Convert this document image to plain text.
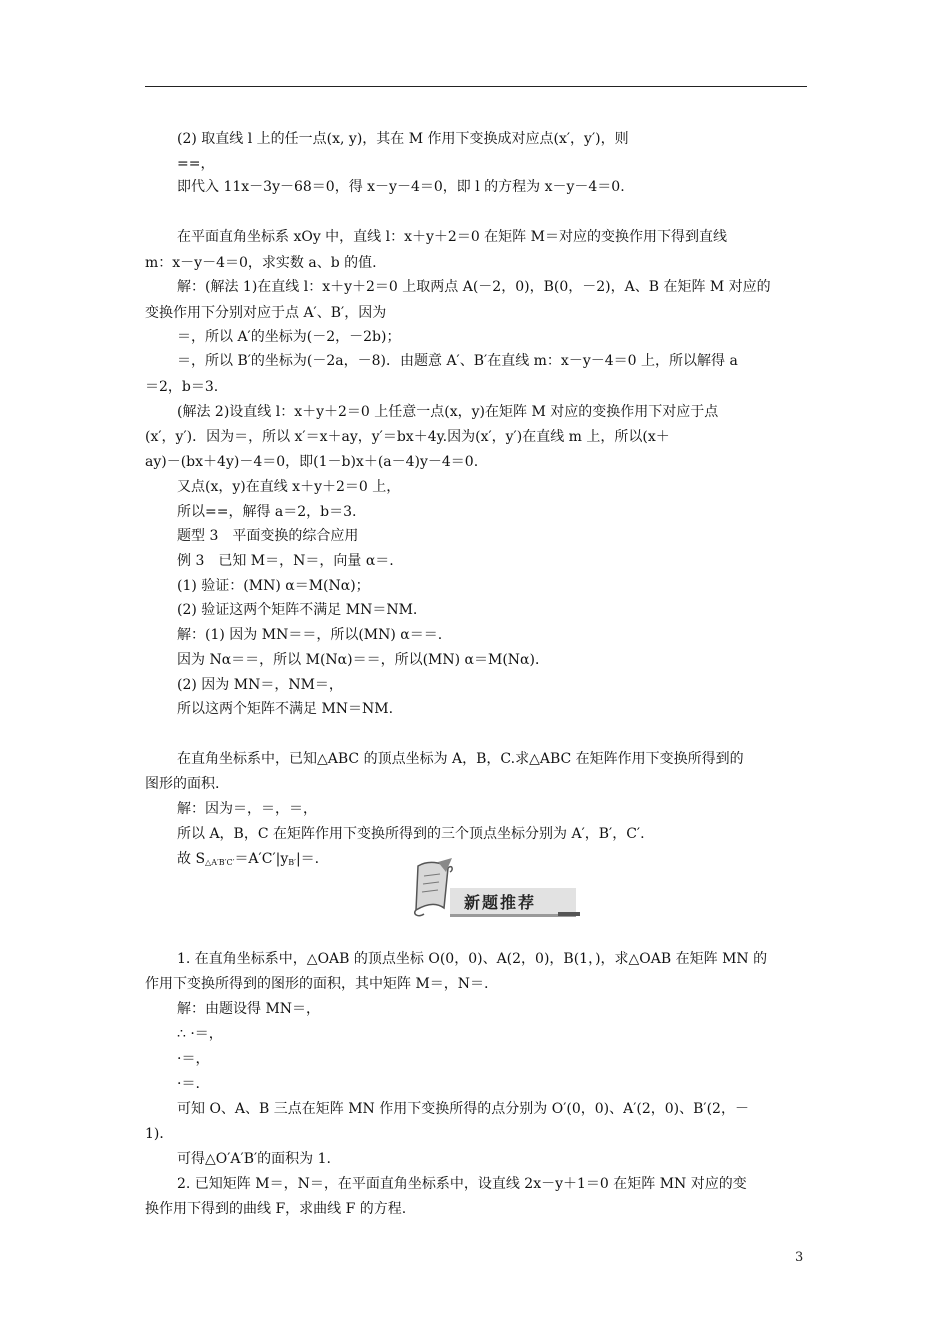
(2) 取直线 l 上的任一点(x, y)，其在 M 作用下变换成对应点(x′，y′)，则
==，
即代入 11x－3y－68＝0，得 x－y－4＝0，即 l 的方程为 x－y－4＝0.
在平面直角坐标系 xOy 中，直线 l：x＋y＋2＝0 在矩阵 M＝对应的变换作用下得到直线
m：x－y－4＝0，求实数 a、b 的值.
解：(解法 1)在直线 l：x＋y＋2＝0 上取两点 A(－2，0)，B(0，－2)，A、B 在矩阵 M 对应的
变换作用下分别对应于点 A′、B′，因为
＝，所以 A′的坐标为(－2，－2b)；
＝，所以 B′的坐标为(－2a，－8)．由题意 A′、B′在直线 m：x－y－4＝0 上，所以解得 a
＝2，b＝3.
(解法 2)设直线 l：x＋y＋2＝0 上任意一点(x，y)在矩阵 M 对应的变换作用下对应于点
(x′，y′)．因为＝，所以 x′＝x＋ay，y′＝bx＋4y.因为(x′，y′)在直线 m 上，所以(x＋
ay)－(bx＋4y)－4＝0，即(1－b)x＋(a－4)y－4＝0.
又点(x，y)在直线 x＋y＋2＝0 上，
所以==，解得 a＝2，b＝3.
题型 3　平面变换的综合应用
例 3　已知 M＝，N＝，向量 α＝.
(1) 验证：(MN) α＝M(Nα)；
(2) 验证这两个矩阵不满足 MN＝NM.
解：(1) 因为 MN＝＝，所以(MN) α＝＝.
因为 Nα＝＝，所以 M(Nα)＝＝，所以(MN) α＝M(Nα)．
(2) 因为 MN＝，NM＝，
所以这两个矩阵不满足 MN＝NM.
在直角坐标系中，已知△ABC 的顶点坐标为 A，B，C.求△ABC 在矩阵作用下变换所得到的
图形的面积.
解：因为＝，＝，＝，
所以 A，B，C 在矩阵作用下变换所得到的三个顶点坐标分别为 A′，B′，C′.
1. 在直角坐标系中，△OAB 的顶点坐标 O(0，0)、A(2，0)，B(1，)，求△OAB 在矩阵 MN 的
作用下变换所得到的图形的面积，其中矩阵 M＝，N＝.
解：由题设得 MN＝，
∴ ·＝，
·＝，
·＝.
可知 O、A、B 三点在矩阵 MN 作用下变换所得的点分别为 O′(0，0)、A′(2，0)、B′(2，－
1)．
可得△O′A′B′的面积为 1.
2. 已知矩阵 M＝，N＝，在平面直角坐标系中，设直线 2x－y＋1＝0 在矩阵 MN 对应的变
换作用下得到的曲线 F，求曲线 F 的方程.
故 $S_{\triangle A'B'C'}=A'C'|y_{B'}|=$.
新题推荐
3
